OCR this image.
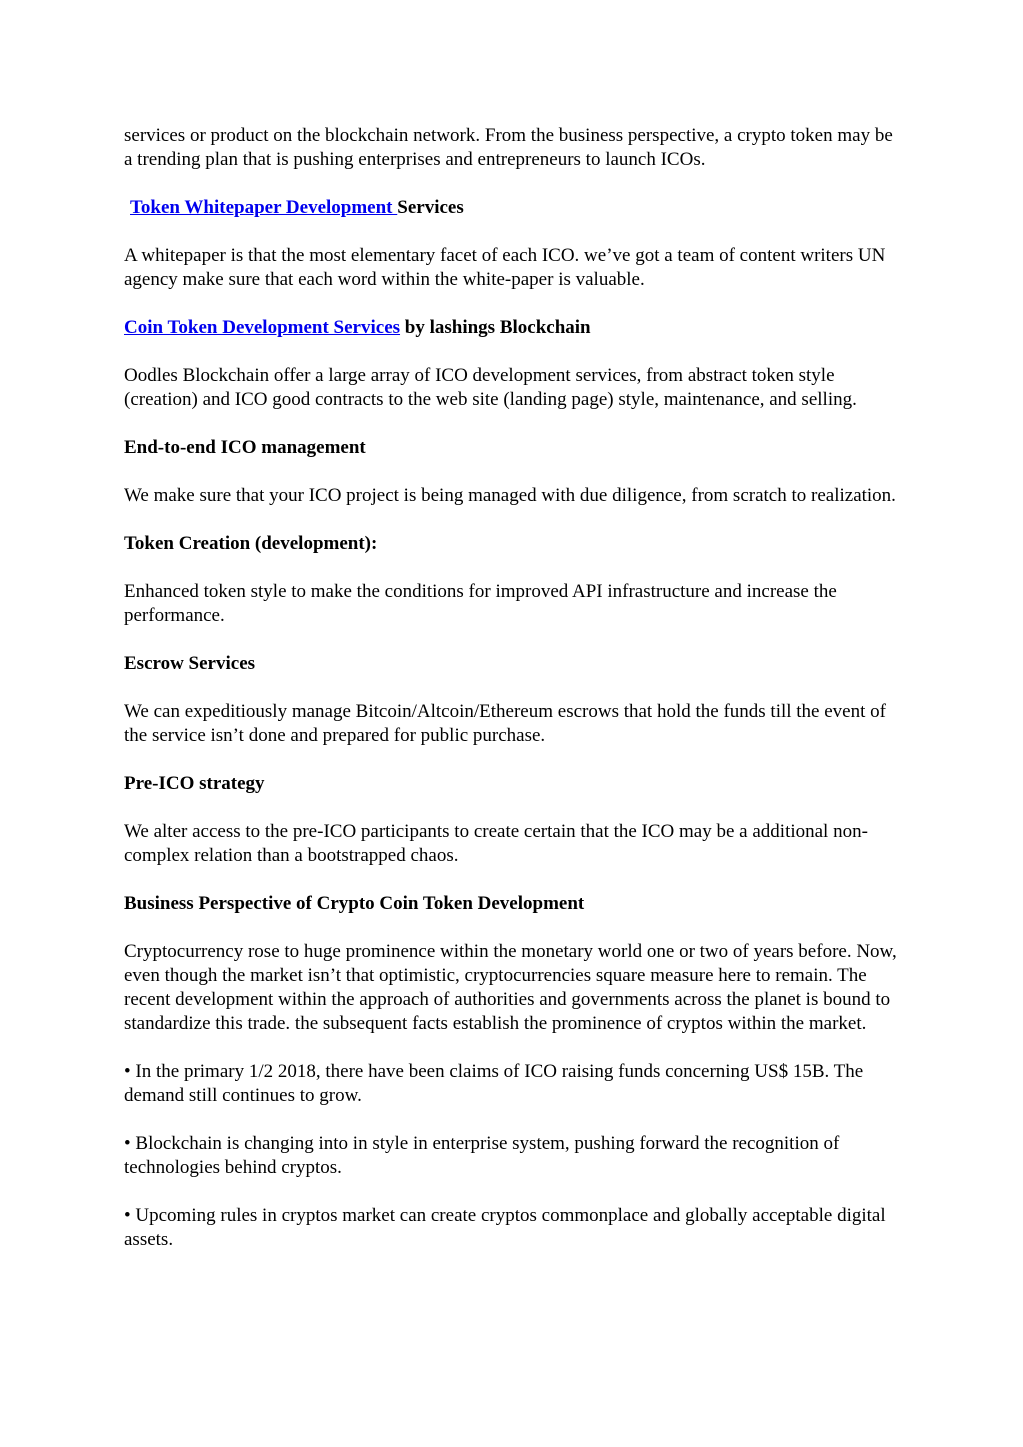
services or product on the blockchain network. From the business perspective, a crypto token may be a trending plan that is pushing enterprises and entrepreneurs to launch ICOs.

Token Whitepaper Development Services

A whitepaper is that the most elementary facet of each ICO. we’ve got a team of content writers UN agency make sure that each word within the white-paper is valuable.

Coin Token Development Services by lashings Blockchain

Oodles Blockchain offer a large array of ICO development services, from abstract token style (creation) and ICO good contracts to the web site (landing page) style, maintenance, and selling.

End-to-end ICO management

We make sure that your ICO project is being managed with due diligence, from scratch to realization.

Token Creation (development):

Enhanced token style to make the conditions for improved API infrastructure and increase the performance.

Escrow Services

We can expeditiously manage Bitcoin/Altcoin/Ethereum escrows that hold the funds till the event of the service isn’t done and prepared for public purchase.

Pre-ICO strategy

We alter access to the pre-ICO participants to create certain that the ICO may be a additional non-complex relation than a bootstrapped chaos.

Business Perspective of Crypto Coin Token Development

Cryptocurrency rose to huge prominence within the monetary world one or two of years before. Now, even though the market isn’t that optimistic, cryptocurrencies square measure here to remain. The recent development within the approach of authorities and governments across the planet is bound to standardize this trade. the subsequent facts establish the prominence of cryptos within the market.

• In the primary 1/2 2018, there have been claims of ICO raising funds concerning US$ 15B. The demand still continues to grow.

• Blockchain is changing into in style in enterprise system, pushing forward the recognition of technologies behind cryptos.

• Upcoming rules in cryptos market can create cryptos commonplace and globally acceptable digital assets.
